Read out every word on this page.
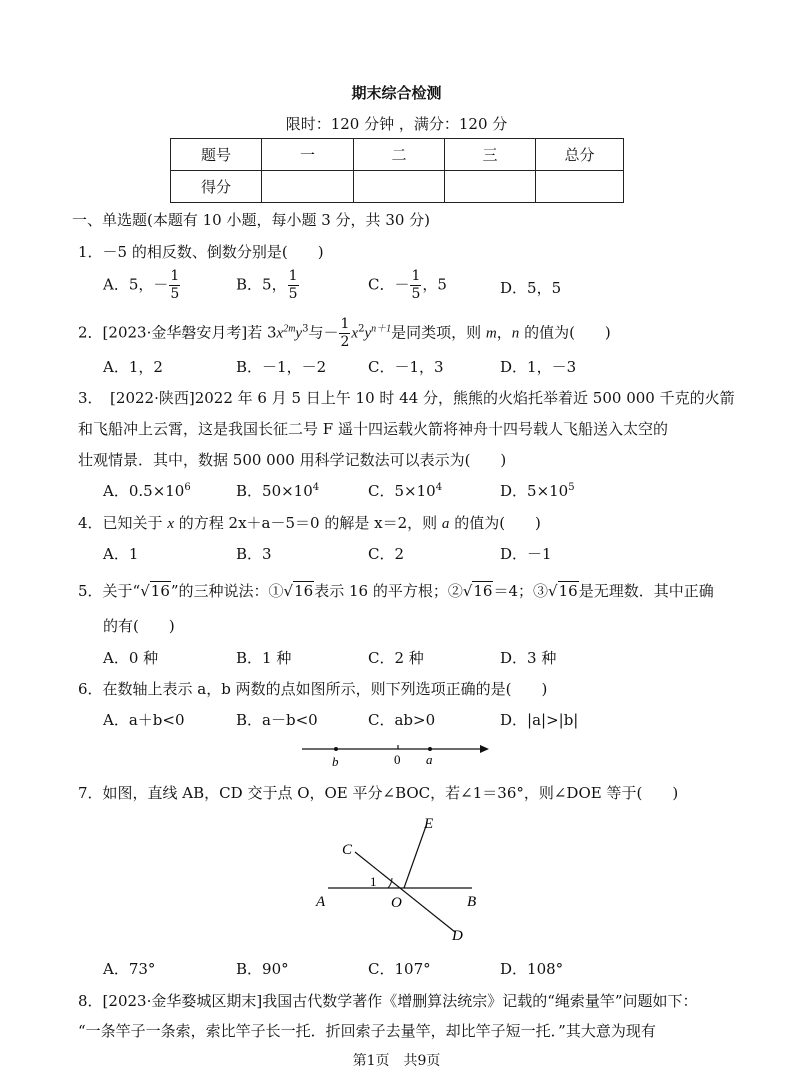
期末综合检测
限时：120 分钟 ，满分：120 分
题号	一	二	三	总分
得分				
一、单选题(本题有 10 小题，每小题 3 分，共 30 分)
1．－5 的相反数、倒数分别是(　　)
A．5，－ $\frac{1}{5}$	B．5， $\frac{1}{5}$	C．－ $\frac{1}{5}$ ，5	D．5，5
2．[2023·金华磐安月考]若 $3x^{2m}y^3$与－ $\frac{1}{2} x^2y^{n+1}$是同类项，则 m，n 的值为(　　)
A．1，2	B．－1，－2	C．－1，3	D．1，－3
3．　[2022·陕西]2022 年 6 月 5 日上午 10 时 44 分，熊熊的火焰托举着近 500 000 千克的火箭
和飞船冲上云霄，这是我国长征二号 F 遥十四运载火箭将神舟十四号载人飞船送入太空的
壮观情景．其中，数据 500 000 用科学记数法可以表示为(　　)
A．$0.5\times 10^6$	B．$50\times 10^4$	C．$5\times 10^4$	D．$5\times 10^5$
4．已知关于 x 的方程 2x＋a－5＝0 的解是 x＝2，则 a 的值为(　　)
A．1	B．3	C．2	D．－1
5．关于“√16”的三种说法：①√16表示 16 的平方根；②√16＝4；③√16是无理数．其中正确
的有(　　)
A．0 种	B．1 种	C．2 种	D．3 种
6．在数轴上表示 a，b 两数的点如图所示，则下列选项正确的是(　　)
A．a＋b<0	B．a－b<0	C．ab>0	D．|a|>|b|
b	0 a
7．如图，直线 AB，CD 交于点 O，OE 平分∠BOC，若∠1＝36°，则∠DOE 等于(　　)
A	B
C
D
E
O
1
A．73°	B．90°	C．107°	D．108°
8．[2023·金华婺城区期末]我国古代数学著作《增删算法统宗》记载的“绳索量竿”问题如下：
“一条竿子一条索，索比竿子长一托．折回索子去量竿，却比竿子短一托．”其大意为现有
第1页　共9页
